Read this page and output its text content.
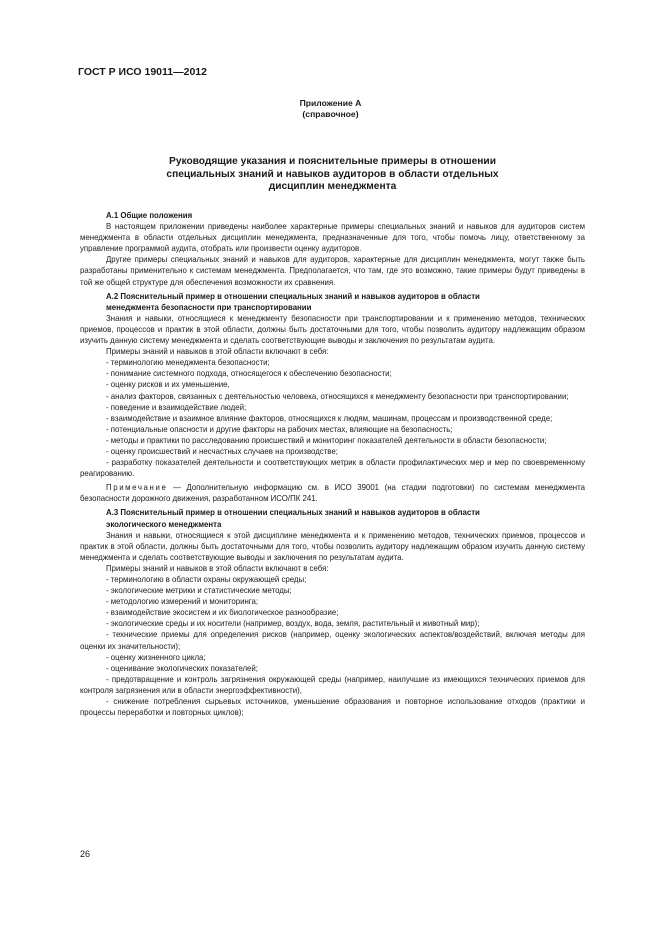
ГОСТ Р ИСО 19011—2012
Приложение А
(справочное)
Руководящие указания и пояснительные примеры в отношении специальных знаний и навыков аудиторов в области отдельных дисциплин менеджмента

А.1 Общие положения

В настоящем приложении приведены наиболее характерные примеры специальных знаний и навыков для аудиторов систем менеджмента в области отдельных дисциплин менеджмента, предназначенные для того, чтобы помочь лицу, ответственному за управление программой аудита, отобрать или произвести оценку аудиторов.

Другие примеры специальных знаний и навыков для аудиторов, характерные для дисциплин менеджмента, могут также быть разработаны применительно к системам менеджмента. Предполагается, что там, где это возможно, такие примеры будут приведены в той же общей структуре для обеспечения возможности их сравнения.

А.2 Пояснительный пример в отношении специальных знаний и навыков аудиторов в области
менеджмента безопасности при транспортировании

Знания и навыки, относящиеся к менеджменту безопасности при транспортировании и к применению методов, технических приемов, процессов и практик в этой области, должны быть достаточными для того, чтобы позволить аудитору надлежащим образом изучить данную систему менеджмента и сделать соответствующие выводы и заключения по результатам аудита.

Примеры знаний и навыков в этой области включают в себя:

- терминологию менеджмента безопасности;

- понимание системного подхода, относящегося к обеспечению безопасности;

- оценку рисков и их уменьшение,

- анализ факторов, связанных с деятельностью человека, относящихся к менеджменту безопасности при транспортировании;

- поведение и взаимодействие людей;

- взаимодействие и взаимное влияние факторов, относящихся к людям, машинам, процессам и производственной среде;

- потенциальные опасности и другие факторы на рабочих местах, влияющие на безопасность;

- методы и практики по расследованию происшествий и мониторинг показателей деятельности в области безопасности;

- оценку происшествий и несчастных случаев на производстве;

- разработку показателей деятельности и соответствующих метрик в области профилактических мер и мер по своевременному реагированию.

Примечание — Дополнительную информацию см. в ИСО 39001 (на стадии подготовки) по системам менеджмента безопасности дорожного движения, разработанном ИСО/ПК 241.

А.3 Пояснительный пример в отношении специальных знаний и навыков аудиторов в области
экологического менеджмента

Знания и навыки, относящиеся к этой дисциплине менеджмента и к применению методов, технических приемов, процессов и практик в этой области, должны быть достаточными для того, чтобы позволить аудитору надлежащим образом изучить данную систему менеджмента и сделать соответствующие выводы и заключения по результатам аудита.

Примеры знаний и навыков в этой области включают в себя:

- терминологию в области охраны окружающей среды;

- экологические метрики и статистические методы;

- методологию измерений и мониторинга;

- взаимодействие экосистем и их биологическое разнообразие;

- экологические среды и их носители (например, воздух, вода, земля, растительный и животный мир);

- технические приемы для определения рисков (например, оценку экологических аспектов/воздействий, включая методы для оценки их значительности);

- оценку жизненного цикла;

- оценивание экологических показателей;

- предотвращение и контроль загрязнения окружающей среды (например, наилучшие из имеющихся технических приемов для контроля загрязнения или в области энергоэффективности),

- снижение потребления сырьевых источников, уменьшение образования и повторное использование отходов (практики и процессы переработки и повторных циклов);

26
